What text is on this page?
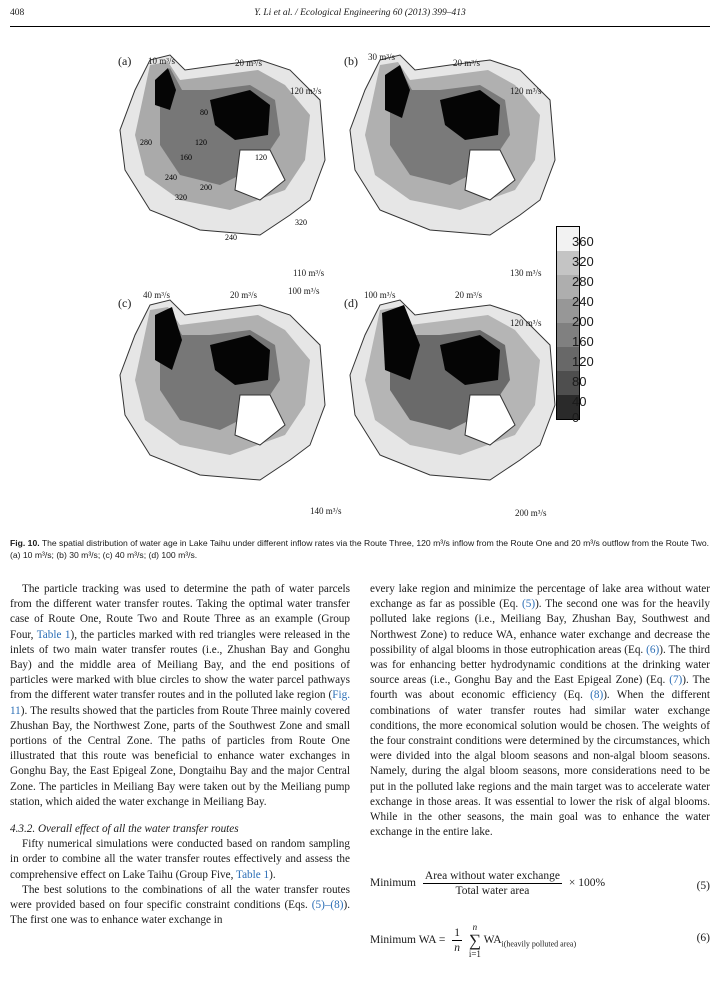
408	Y. Li et al. / Ecological Engineering 60 (2013) 399–413
280
80
120
160
200
240
320
240
120
320
(a) 10 m³/s	20 m³/s
120 m³/s
110 m³/s
(b) 30 m³/s
20 m³/s
120 m³/s
130 m³/s
(c)
40 m³/s	20 m³/s	100 m³/s
140 m³/s
(d)
100 m³/s	20 m³/s
120 m³/s
200 m³/s
360
320
280
240
200
160
120
80
40
0
Fig. 10. The spatial distribution of water age in Lake Taihu under different inflow rates via the Route Three, 120 m³/s inflow from the Route One and 20 m³/s outflow from the Route Two. (a) 10 m³/s; (b) 30 m³/s; (c) 40 m³/s; (d) 100 m³/s.

The particle tracking was used to determine the path of water parcels from the different water transfer routes. Taking the optimal water transfer case of Route One, Route Two and Route Three as an example (Group Four, Table 1), the particles marked with red triangles were released in the inlets of two main water transfer routes (i.e., Zhushan Bay and Gonghu Bay) and the middle area of Meiliang Bay, and the end positions of particles were marked with blue circles to show the water parcel pathways from the different water transfer routes and in the polluted lake region (Fig. 11). The results showed that the particles from Route Three mainly covered Zhushan Bay, the Northwest Zone, parts of the Southwest Zone and small portions of the Central Zone. The paths of particles from Route One illustrated that this route was beneficial to enhance water exchanges in Gonghu Bay, the East Epigeal Zone, Dongtaihu Bay and the major Central Zone. The particles in Meiliang Bay were taken out by the Meiliang pump station, which aided the water exchange in Meiliang Bay.

4.3.2. Overall effect of all the water transfer routes

Fifty numerical simulations were conducted based on random sampling in order to combine all the water transfer routes effectively and assess the comprehensive effect on Lake Taihu (Group Five, Table 1).

The best solutions to the combinations of all the water transfer routes were provided based on four specific constraint conditions (Eqs. (5)–(8)). The first one was to enhance water exchange in

every lake region and minimize the percentage of lake area without water exchange as far as possible (Eq. (5)). The second one was for the heavily polluted lake regions (i.e., Meiliang Bay, Zhushan Bay, Southwest and Northwest Zone) to reduce WA, enhance water exchange and decrease the possibility of algal blooms in those eutrophication areas (Eq. (6)). The third was for enhancing better hydrodynamic conditions at the drinking water source areas (i.e., Gonghu Bay and the East Epigeal Zone) (Eq. (7)). The fourth was about economic efficiency (Eq. (8)). When the different combinations of water transfer routes had similar water exchange conditions, the more economical solution would be chosen. The weights of the four constraint conditions were determined by the circumstances, which were divided into the algal bloom seasons and non-algal bloom seasons. Namely, during the algal bloom seasons, more considerations need to be put in the polluted lake regions and the main target was to accelerate water exchange in those areas. It was essential to lower the risk of algal blooms. While in the other seasons, the main goal was to enhance the water exchange in the entire lake.

Minimum $\frac{\text{Area without water exchange}}{\text{Total water area}} \times 100\%$	(5)
Minimum WA = $\frac{1}{n}$
	n
∑
i=1
$WA_{i(heavily polluted area)}$	(6)
